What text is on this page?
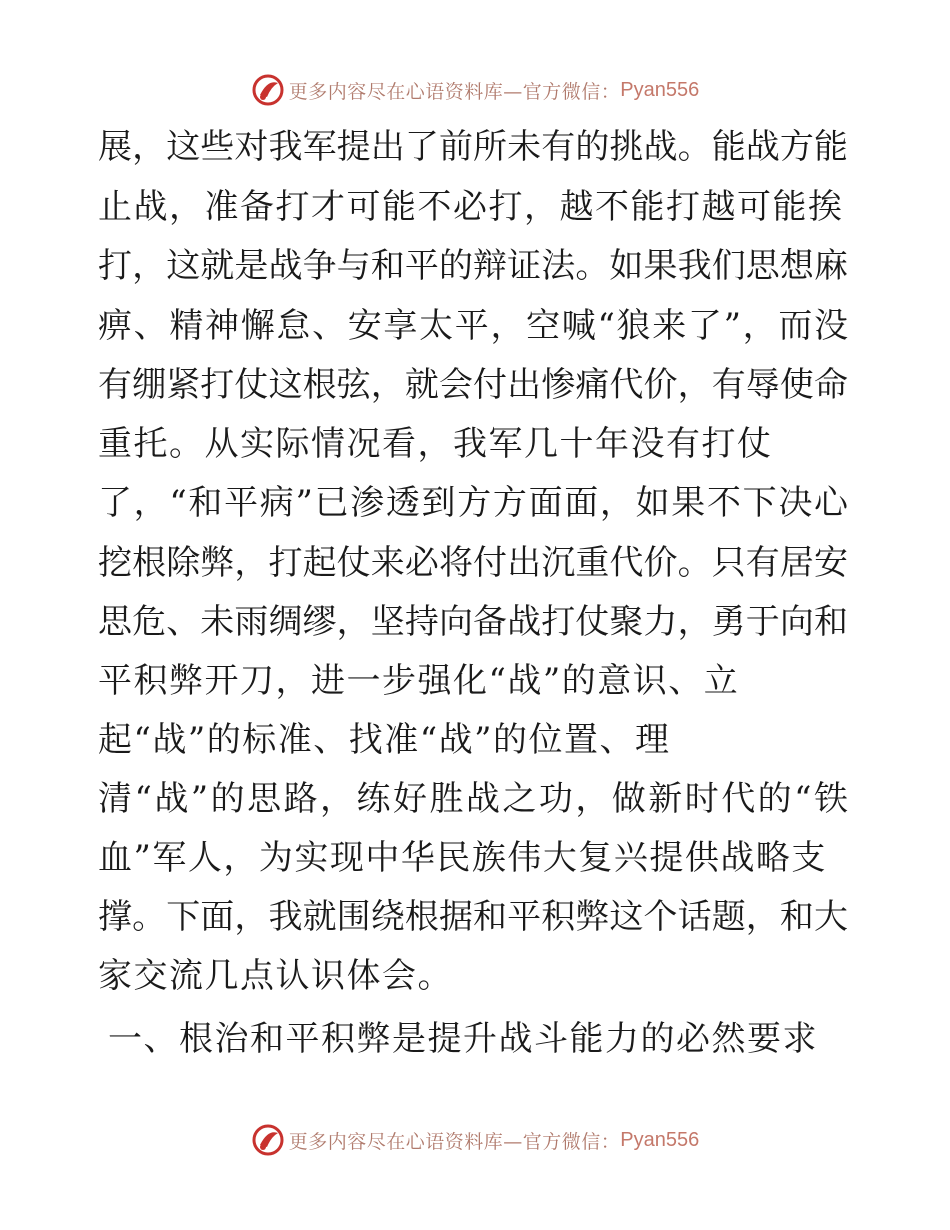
更多内容尽在心语资料库—官方微信： Pyan556
展，这些对我军提出了前所未有的挑战。能战方能
止战，准备打才可能不必打，越不能打越可能挨
打，这就是战争与和平的辩证法。如果我们思想麻
痹、精神懈怠、安享太平，空喊“狼来了”，而没
有绷紧打仗这根弦，就会付出惨痛代价，有辱使命
重托。从实际情况看，我军几十年没有打仗
了，“和平病”已渗透到方方面面，如果不下决心
挖根除弊，打起仗来必将付出沉重代价。只有居安
思危、未雨绸缪，坚持向备战打仗聚力，勇于向和
平积弊开刀，进一步强化“战”的意识、立
起“战”的标准、找准“战”的位置、理
清“战”的思路，练好胜战之功，做新时代的“铁
血”军人，为实现中华民族伟大复兴提供战略支
撑。下面，我就围绕根据和平积弊这个话题，和大
家交流几点认识体会。
一、根治和平积弊是提升战斗能力的必然要求
更多内容尽在心语资料库—官方微信： Pyan556
